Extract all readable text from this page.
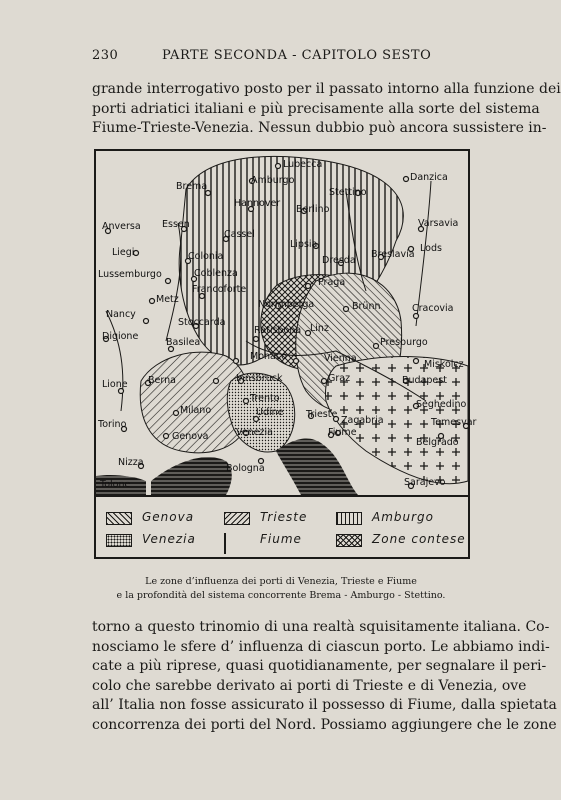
230	PARTE SECONDA - CAPITOLO SESTO
grande interrogativo posto per il passato intorno alla funzione dei
porti adriatici italiani e più precisamente alla sorte del sistema
Fiume-Trieste-Venezia. Nessun dubbio può ancora sussistere in-
Lubecca
Amburgo
Stettino
Danzica
Brema
Hannover
Berlino
Varsavia
Anversa Essen
Cassel
Lipsia	Lods
Liegi	Colonia	Dresda
Breslavia
Lussemburgo	Coblenza
Praga
Francoforte
Metz	Norimberga	Brünn	Cracovia
Nancy
Stoccarda
Ratisbona Linz
Digione
Basilea	Presburgo
Monaco	Vienna
Miskolcz
Berna	Innsbruck	Graz	Budapest
Lione
Trento
Milano	Udine
Seghedino
Temesvar
Torino
Trieste
Zagabria
Genova	Venezia	Fiume
Belgrado
Nizza
Bologna
Tolone	Sarajevo
Genova	Trieste	Amburgo
Venezia
+ +	Fiume	Zone contese
Le zone d’influenza dei porti di Venezia, Trieste e Fiume
e la profondità del sistema concorrente Brema - Amburgo - Stettino.
torno a questo trinomio di una realtà squisitamente italiana. Co-
nosciamo le sfere d’ influenza di ciascun porto. Le abbiamo indi-
cate a più riprese, quasi quotidianamente, per segnalare il peri-
colo che sarebbe derivato ai porti di Trieste e di Venezia, ove
all’ Italia non fosse assicurato il possesso di Fiume, dalla spietata
concorrenza dei porti del Nord. Possiamo aggiungere che le zone
